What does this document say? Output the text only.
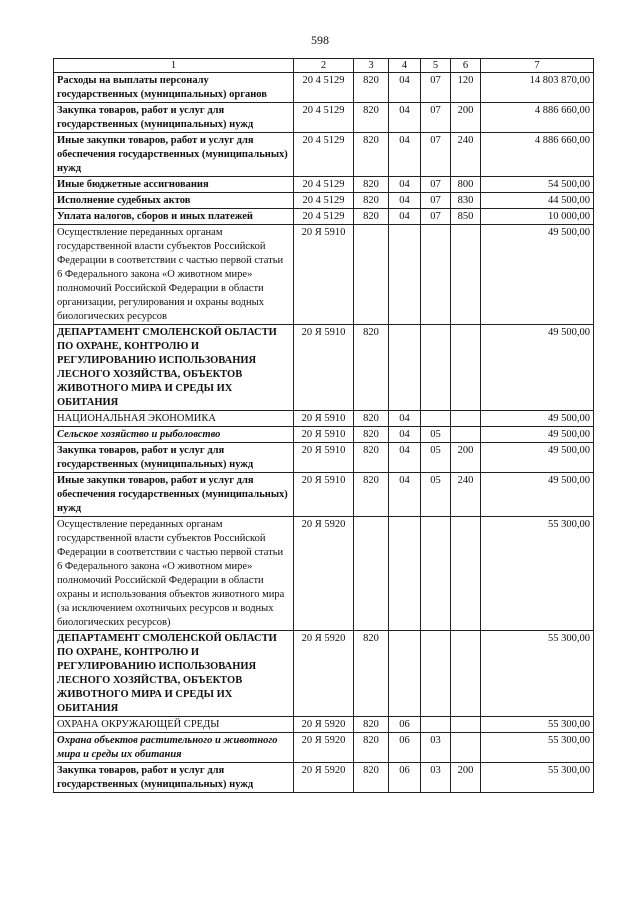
598
1	2	3	4	5	6	7
Расходы на выплаты персоналу государственных (муниципальных) органов	20 4 5129	820	04	07	120	14 803 870,00
Закупка товаров, работ и услуг для государственных (муниципальных) нужд	20 4 5129	820	04	07	200	4 886 660,00
Иные закупки товаров, работ и услуг для обеспечения государственных (муниципальных) нужд	20 4 5129	820	04	07	240	4 886 660,00
Иные бюджетные ассигнования	20 4 5129	820	04	07	800	54 500,00
Исполнение судебных актов	20 4 5129	820	04	07	830	44 500,00
Уплата налогов, сборов и иных платежей	20 4 5129	820	04	07	850	10 000,00
Осуществление переданных органам государственной власти субъектов Российской Федерации в соответствии с частью первой статьи 6 Федерального закона «О животном мире» полномочий Российской Федерации в области организации, регулирования и охраны водных биологических ресурсов	20 Я 5910					49 500,00
ДЕПАРТАМЕНТ СМОЛЕНСКОЙ ОБЛАСТИ ПО ОХРАНЕ, КОНТРОЛЮ И РЕГУЛИРОВАНИЮ ИСПОЛЬЗОВАНИЯ ЛЕСНОГО ХОЗЯЙСТВА, ОБЪЕКТОВ ЖИВОТНОГО МИРА И СРЕДЫ ИХ ОБИТАНИЯ	20 Я 5910	820				49 500,00
НАЦИОНАЛЬНАЯ ЭКОНОМИКА	20 Я 5910	820	04			49 500,00
Сельское хозяйство и рыболовство	20 Я 5910	820	04	05		49 500,00
Закупка товаров, работ и услуг для государственных (муниципальных) нужд	20 Я 5910	820	04	05	200	49 500,00
Иные закупки товаров, работ и услуг для обеспечения государственных (муниципальных) нужд	20 Я 5910	820	04	05	240	49 500,00
Осуществление переданных органам государственной власти субъектов Российской Федерации в соответствии с частью первой статьи 6 Федерального закона «О животном мире» полномочий Российской Федерации в области охраны и использования объектов животного мира (за исключением охотничьих ресурсов и водных биологических ресурсов)	20 Я 5920					55 300,00
ДЕПАРТАМЕНТ СМОЛЕНСКОЙ ОБЛАСТИ ПО ОХРАНЕ, КОНТРОЛЮ И РЕГУЛИРОВАНИЮ ИСПОЛЬЗОВАНИЯ ЛЕСНОГО ХОЗЯЙСТВА, ОБЪЕКТОВ ЖИВОТНОГО МИРА И СРЕДЫ ИХ ОБИТАНИЯ	20 Я 5920	820				55 300,00
ОХРАНА ОКРУЖАЮЩЕЙ СРЕДЫ	20 Я 5920	820	06			55 300,00
Охрана объектов растительного и животного мира и среды их обитания	20 Я 5920	820	06	03		55 300,00
Закупка товаров, работ и услуг для государственных (муниципальных) нужд	20 Я 5920	820	06	03	200	55 300,00
